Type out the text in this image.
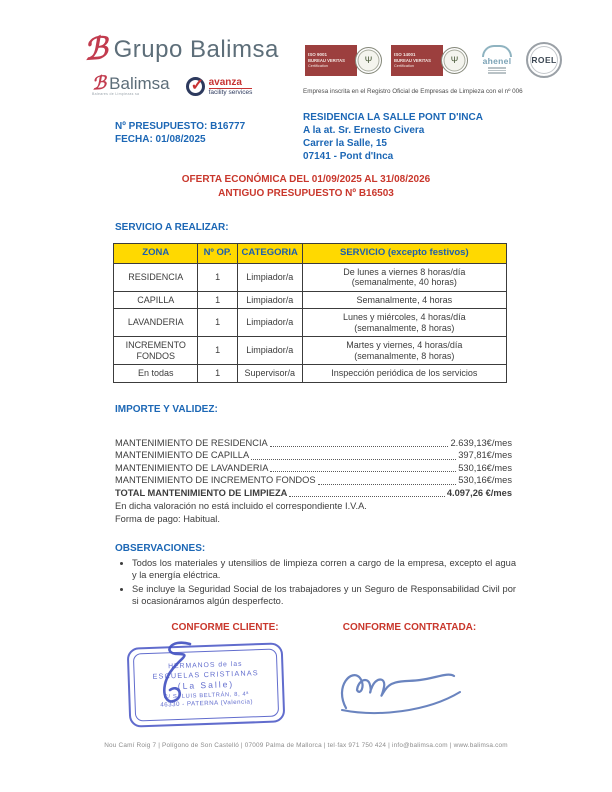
ℬ Grupo Balimsa
ℬ Balimsa
Baleares de Limpiezas sa	✓ avanza
facility services
ISO 9001
BUREAU VERITAS
Certification
Ψ
ISO 14001
BUREAU VERITAS
Certification
Ψ	ahenel ROEL
Empresa inscrita en el Registro Oficial de Empresas de Limpieza con el nº 006
Nº PRESUPUESTO: B16777
FECHA: 01/08/2025
RESIDENCIA LA SALLE PONT D'INCA
A la at. Sr. Ernesto Civera
Carrer la Salle, 15
07141 - Pont d'Inca
OFERTA ECONÓMICA DEL 01/09/2025 AL 31/08/2026
ANTIGUO PRESUPUESTO Nº B16503
SERVICIO A REALIZAR:
ZONA	Nº OP.	CATEGORIA	SERVICIO (excepto festivos)
RESIDENCIA	1	Limpiador/a	De lunes a viernes 8 horas/día
(semanalmente, 40 horas)

CAPILLA	1	Limpiador/a	Semanalmente, 4 horas

LAVANDERIA	1	Limpiador/a	Lunes y miércoles, 4 horas/día
(semanalmente, 8 horas)

INCREMENTO FONDOS	1	Limpiador/a	Martes y viernes, 4 horas/día
(semanalmente, 8 horas)

En todas	1	Supervisor/a	Inspección periódica de los servicios
IMPORTE Y VALIDEZ:
MANTENIMIENTO DE RESIDENCIA	2.639,13€/mes
MANTENIMIENTO DE CAPILLA	397,81€/mes
MANTENIMIENTO DE LAVANDERIA	530,16€/mes
MANTENIMIENTO DE INCREMENTO FONDOS	530,16€/mes
TOTAL MANTENIMIENTO DE LIMPIEZA	4.097,26 €/mes
En dicha valoración no está incluido el correspondiente I.V.A.
Forma de pago: Habitual.
OBSERVACIONES:
• Todos los materiales y utensilios de limpieza corren a cargo de la empresa, excepto el agua y la energía eléctrica.
• Se incluye la Seguridad Social de los trabajadores y un Seguro de Responsabilidad Civil por si ocasionáramos algún desperfecto.
CONFORME CLIENTE:	CONFORME CONTRATADA:
HERMANOS de las
ESCUELAS CRISTIANAS
(La Salle)
C/ S. LUIS BELTRÁN, 8, 4ª
46330 - PATERNA (Valencia)
Nou Camí Roig 7 | Polígono de Son Castelló | 07009 Palma de Mallorca | tel·fax 971 750 424 | info@balimsa.com | www.balimsa.com
